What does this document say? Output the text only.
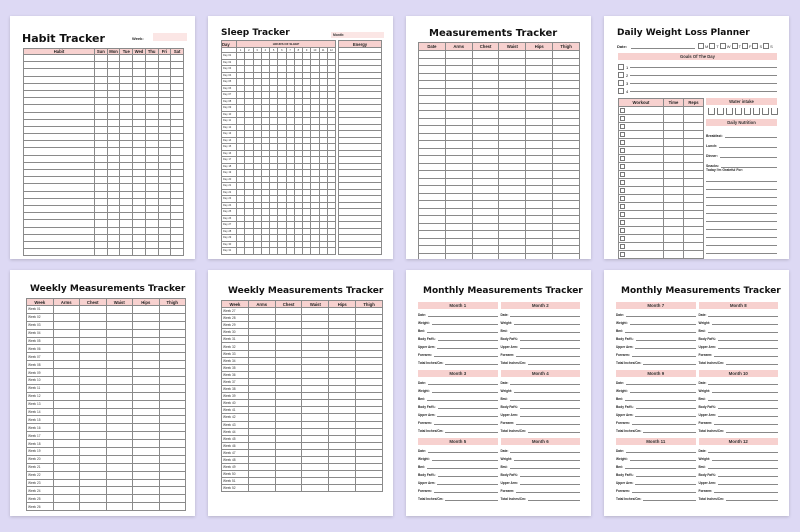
Habit Tracker	Week:
Habit	Sun	Mon	Tue	Wed	Thu	Fri	Sat

Sleep Tracker	Month:
Day	HOURS OF SLEEP													Energy
	1	2	3	4	5	6	7	8	9	10	11	12		
Day 01														
Day 02														
Day 03														
Day 04														
Day 05														
Day 06														
Day 07														
Day 08														
Day 09														
Day 10														
Day 11														
Day 12														
Day 13														
Day 14														
Day 15														
Day 16														
Day 17														
Day 18														
Day 19														
Day 20														
Day 21														
Day 22														
Day 23														
Day 24														
Day 25														
Day 26														
Day 27														
Day 28														
Day 29														
Day 30														
Day 31														
Measurements Tracker
Date	Arms	Chest	Waist	Hips	Thigh

Daily Weight Loss Planner
Date:	M T W T F S S
Goals Of The Day
1
2
3
4
Workout	Time	Reps

			Water intake
Daily Nutrition
Breakfast:
Lunch:
Dinner:
Snacks:
Today I'm Grateful For:
Weekly Measurements Tracker
Week	Arms	Chest	Waist	Hips	Thigh
Week 01					
Week 02					
Week 03					
Week 04					
Week 05					
Week 06					
Week 07					
Week 08					
Week 09					
Week 10					
Week 11					
Week 12					
Week 13					
Week 14					
Week 15					
Week 16					
Week 17					
Week 18					
Week 19					
Week 20					
Week 21					
Week 22					
Week 23					
Week 24					
Week 25					
Week 26					
Weekly Measurements Tracker
Week	Arms	Chest	Waist	Hips	Thigh
Week 27					
Week 28					
Week 29					
Week 30					
Week 31					
Week 32					
Week 33					
Week 34					
Week 35					
Week 36					
Week 37					
Week 38					
Week 39					
Week 40					
Week 41					
Week 42					
Week 43					
Week 44					
Week 45					
Week 46					
Week 47					
Week 48					
Week 49					
Week 50					
Week 51					
Week 52					
Monthly Measurements Tracker
Month 1
Date:
Weight:
Bmi:
Body Fat%:
Upper Arm:
Forearm:
Total Inches/Cm:
Month 2
Date:
Weight:
Bmi:
Body Fat%:
Upper Arm:
Forearm:
Total Inches/Cm:
Month 3
Date:
Weight:
Bmi:
Body Fat%:
Upper Arm:
Forearm:
Total Inches/Cm:
Month 4
Date:
Weight:
Bmi:
Body Fat%:
Upper Arm:
Forearm:
Total Inches/Cm:
Month 5
Date:
Weight:
Bmi:
Body Fat%:
Upper Arm:
Forearm:
Total Inches/Cm:
Month 6
Date:
Weight:
Bmi:
Body Fat%:
Upper Arm:
Forearm:
Total Inches/Cm:
Monthly Measurements Tracker
Month 7
Date:
Weight:
Bmi:
Body Fat%:
Upper Arm:
Forearm:
Total Inches/Cm:
Month 8
Date:
Weight:
Bmi:
Body Fat%:
Upper Arm:
Forearm:
Total Inches/Cm:
Month 9
Date:
Weight:
Bmi:
Body Fat%:
Upper Arm:
Forearm:
Total Inches/Cm:
Month 10
Date:
Weight:
Bmi:
Body Fat%:
Upper Arm:
Forearm:
Total Inches/Cm:
Month 11
Date:
Weight:
Bmi:
Body Fat%:
Upper Arm:
Forearm:
Total Inches/Cm:
Month 12
Date:
Weight:
Bmi:
Body Fat%:
Upper Arm:
Forearm:
Total Inches/Cm:
